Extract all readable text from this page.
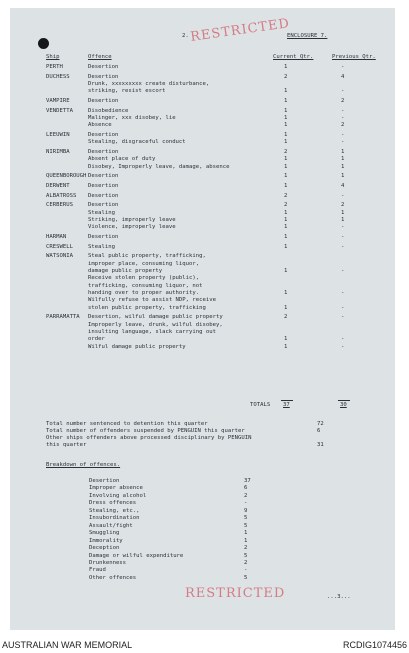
2. RESTRICTED
ENCLOSURE 7.
Ship	Offence	Current Qtr.	Previous Qtr.
PERTH	Desertion	1	-
DUCHESS	Desertion	2	4
Drunk, xxxxxxxxx create disturbance,
striking, resist escort	1	-
VAMPIRE	Desertion	1	2
VENDETTA	Disobedience	1	-
Malinger, xxx disobey, lie	1	-
Absence	1	2
LEEUWIN	Desertion	1	-
Stealing, disgraceful conduct	1	-
NIRIMBA	Desertion	2	1
Absent place of duty	1	1
Disobey, Improperly leave, damage, absence	1	1
QUEENBOROUGH Desertion	1	1
DERWENT	Desertion	1	4
ALBATROSS Desertion	2	-
CERBERUS	Desertion	2	2
Stealing	1	1
Striking, improperly leave	1	1
Violence, improperly leave	1	-
HARMAN	Desertion	1	-
CRESWELL	Stealing	1	-
WATSONIA	Steal public property, trafficking,
improper place, consuming liquor,
damage public property	1	-
Receive stolen property (public),
trafficking, consuming liquor, not
handing over to proper authority.	1	-
Wilfully refuse to assist NDP, receive
stolen public property, trafficking	1	-
PARRAMATTA Desertion, wilful damage public property	2	-
Improperly leave, drunk, wilful disobey,
insulting language, slack carrying out
order	1	-
Wilful damage public property	1	-
TOTALS 37	30
Total number sentenced to detention this quarter	72
Total number of offenders suspended by PENGUIN this quarter	6
Other ships offenders above processed disciplinary by PENGUIN
this quarter	31
Breakdown of offences.
Desertion	37
Improper absence	6
Involving alcohol	2
Dress offences	-
Stealing, etc.,	9
Insubordination	5
Assault/fight	5
Smuggling	1
Immorality	1
Deception	2
Damage or wilful expenditure	5
Drunkenness	2
Fraud	-
Other offences	5
RESTRICTED	...3...
AUSTRALIAN WAR MEMORIAL	RCDIG1074456
